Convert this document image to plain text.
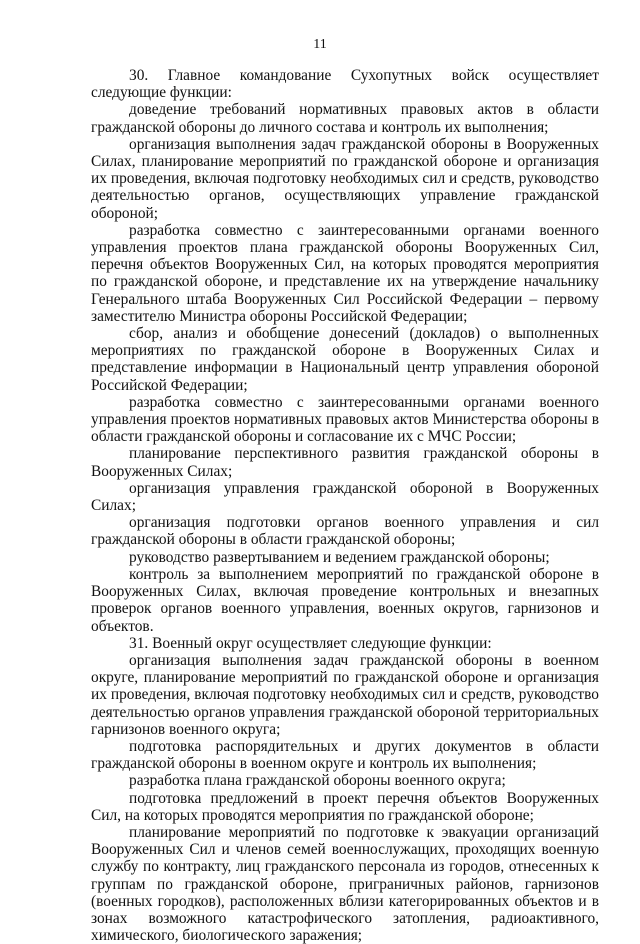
11

30. Главное командование Сухопутных войск осуществляет следующие функции:

доведение требований нормативных правовых актов в области гражданской обороны до личного состава и контроль их выполнения;

организация выполнения задач гражданской обороны в Вооруженных Силах, планирование мероприятий по гражданской обороне и организация их проведения, включая подготовку необходимых сил и средств, руководство деятельностью органов, осуществляющих управление гражданской обороной;

разработка совместно с заинтересованными органами военного управления проектов плана гражданской обороны Вооруженных Сил, перечня объектов Вооруженных Сил, на которых проводятся мероприятия по гражданской обороне, и представление их на утверждение начальнику Генерального штаба Вооруженных Сил Российской Федерации – первому заместителю Министра обороны Российской Федерации;

сбор, анализ и обобщение донесений (докладов) о выполненных мероприятиях по гражданской обороне в Вооруженных Силах и представление информации в Национальный центр управления обороной Российской Федерации;

разработка совместно с заинтересованными органами военного управления проектов нормативных правовых актов Министерства обороны в области гражданской обороны и согласование их с МЧС России;

планирование перспективного развития гражданской обороны в Вооруженных Силах;

организация управления гражданской обороной в Вооруженных Силах;

организация подготовки органов военного управления и сил гражданской обороны в области гражданской обороны;

руководство развертыванием и ведением гражданской обороны;

контроль за выполнением мероприятий по гражданской обороне в Вооруженных Силах, включая проведение контрольных и внезапных проверок органов военного управления, военных округов, гарнизонов и объектов.

31. Военный округ осуществляет следующие функции:

организация выполнения задач гражданской обороны в военном округе, планирование мероприятий по гражданской обороне и организация их проведения, включая подготовку необходимых сил и средств, руководство деятельностью органов управления гражданской обороной территориальных гарнизонов военного округа;

подготовка распорядительных и других документов в области гражданской обороны в военном округе и контроль их выполнения;

разработка плана гражданской обороны военного округа;

подготовка предложений в проект перечня объектов Вооруженных Сил, на которых проводятся мероприятия по гражданской обороне;

планирование мероприятий по подготовке к эвакуации организаций Вооруженных Сил и членов семей военнослужащих, проходящих военную службу по контракту, лиц гражданского персонала из городов, отнесенных к группам по гражданской обороне, приграничных районов, гарнизонов (военных городков), расположенных вблизи категорированных объектов и в зонах возможного катастрофического затопления, радиоактивного, химического, биологического заражения;
